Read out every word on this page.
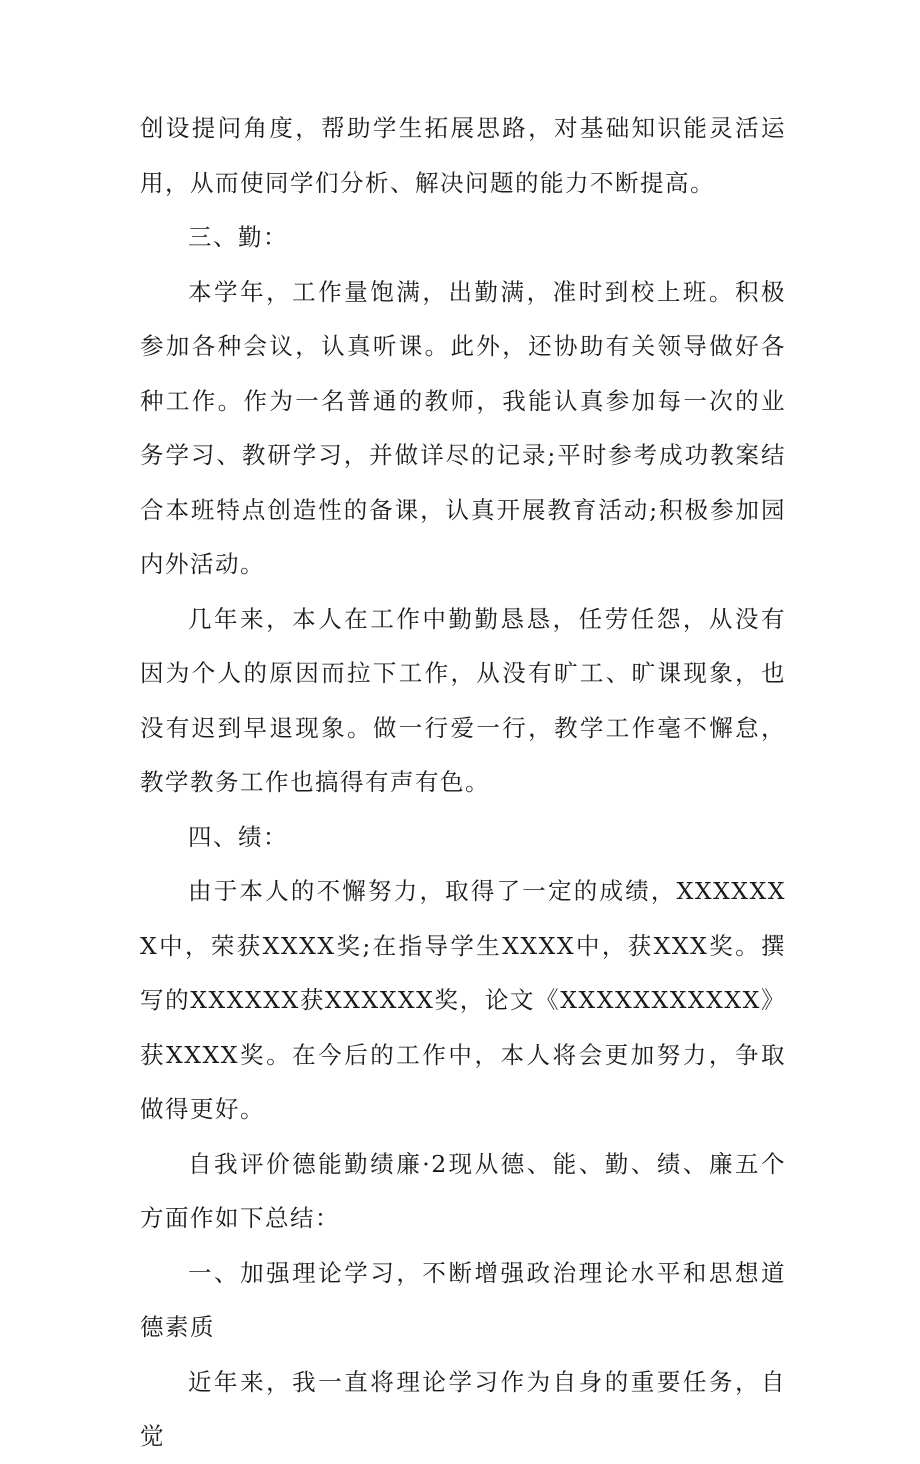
创设提问角度，帮助学生拓展思路，对基础知识能灵活运用，从而使同学们分析、解决问题的能力不断提高。

三、勤：

本学年，工作量饱满，出勤满，准时到校上班。积极参加各种会议，认真听课。此外，还协助有关领导做好各种工作。作为一名普通的教师，我能认真参加每一次的业务学习、教研学习，并做详尽的记录;平时参考成功教案结合本班特点创造性的备课，认真开展教育活动;积极参加园内外活动。

几年来，本人在工作中勤勤恳恳，任劳任怨，从没有因为个人的原因而拉下工作，从没有旷工、旷课现象，也没有迟到早退现象。做一行爱一行，教学工作毫不懈怠，教学教务工作也搞得有声有色。

四、绩：

由于本人的不懈努力，取得了一定的成绩，XXXXXXX中，荣获XXXX奖;在指导学生XXXX中，获XXX奖。撰写的XXXXXX获XXXXXX奖，论文《XXXXXXXXXXX》获XXXX奖。在今后的工作中，本人将会更加努力，争取做得更好。

自我评价德能勤绩廉·2现从德、能、勤、绩、廉五个方面作如下总结：

一、加强理论学习，不断增强政治理论水平和思想道德素质

近年来，我一直将理论学习作为自身的重要任务，自觉
